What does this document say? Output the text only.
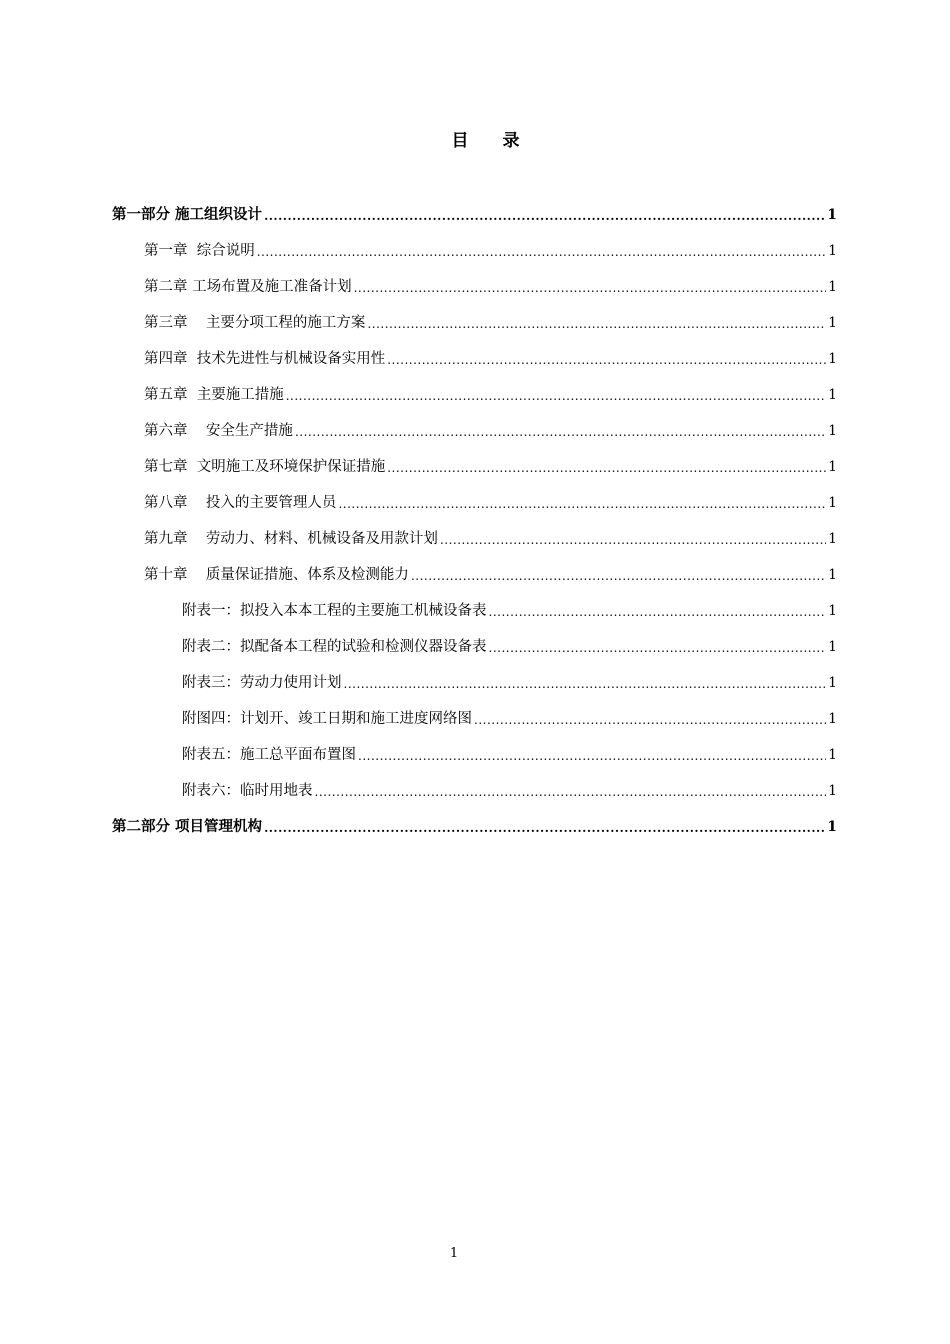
目 录
第一部分 施工组织设计 .....	1
第一章  综合说明 .....	1
第二章 工场布置及施工准备计划 .....	1
第三章    主要分项工程的施工方案 .....	1
第四章  技术先进性与机械设备实用性 .....	1
第五章  主要施工措施 .....	1
第六章    安全生产措施 .....	1
第七章  文明施工及环境保护保证措施 .....	1
第八章    投入的主要管理人员 .....	1
第九章    劳动力、材料、机械设备及用款计划 .....	1
第十章    质量保证措施、体系及检测能力 .....	1
附表一：拟投入本本工程的主要施工机械设备表 .....	1
附表二：拟配备本工程的试验和检测仪器设备表 .....	1
附表三：劳动力使用计划 .....	1
附图四：计划开、竣工日期和施工进度网络图 .....	1
附表五：施工总平面布置图 .....	1
附表六：临时用地表 .....	1
第二部分 项目管理机构 .....	1
1
